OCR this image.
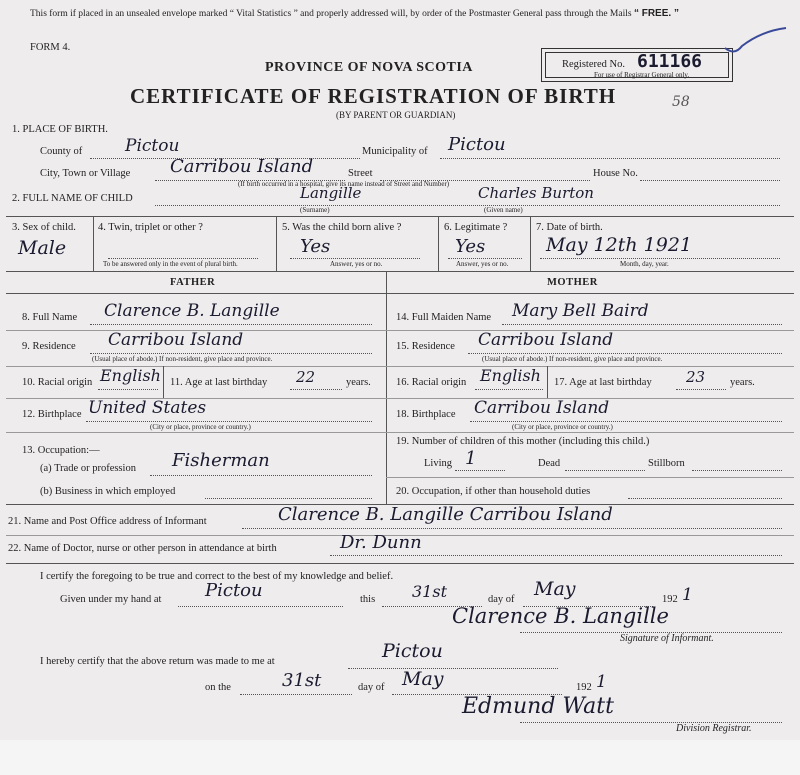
This form if placed in an unsealed envelope marked “ Vital Statistics ” and properly addressed will, by order of the Postmaster General pass through the Mails “ FREE. ”
FORM 4.
PROVINCE OF NOVA SCOTIA
CERTIFICATE OF REGISTRATION OF BIRTH
(BY PARENT OR GUARDIAN)
Registered No. 611166
For use of Registrar General only.
58
1. PLACE OF BIRTH.
County of	Pictou	Municipality of Pictou
City, Town or Village Carribou Island	Street	House No.
(If birth occurred in a hospital, give its name instead of Street and Number)
2. FULL NAME OF CHILD	Langille	Charles Burton
(Surname)	(Given name)
3. Sex of child.
Male
4. Twin, triplet or other ?
To be answered only in the event of plural birth.
5. Was the child born alive ?
Yes
Answer, yes or no.
6. Legitimate ?
Yes
Answer, yes or no.
7. Date of birth.
May 12th 1921
Month, day, year.
FATHER	MOTHER
8. Full Name Clarence B. Langille	14. Full Maiden Name Mary Bell Baird
9. Residence Carribou Island
(Usual place of abode.) If non-resident, give place and province.
15. Residence Carribou Island
(Usual place of abode.) If non-resident, give place and province.
10. Racial origin English 11. Age at last birthday 22	years. 16. Racial origin English 17. Age at last birthday 23 years.
12. Birthplace United States
(City or place, province or country.)
18. Birthplace Carribou Island
(City or place, province or country.)
13. Occupation:—
(a) Trade or profession Fisherman
19. Number of children of this mother (including this child.)
Living 1	Dead	Stillborn
(b) Business in which employed	20. Occupation, if other than household duties
21. Name and Post Office address of Informant	Clarence B. Langille Carribou Island
22. Name of Doctor, nurse or other person in attendance at birth	Dr. Dunn
I certify the foregoing to be true and correct to the best of my knowledge and belief.
Given under my hand at Pictou	this 31st	day of May	192 1
Clarence B. Langille
Signature of Informant.
I hereby certify that the above return was made to me at	Pictou
on the	31st	day of May	192 1
Edmund Watt
Division Registrar.
